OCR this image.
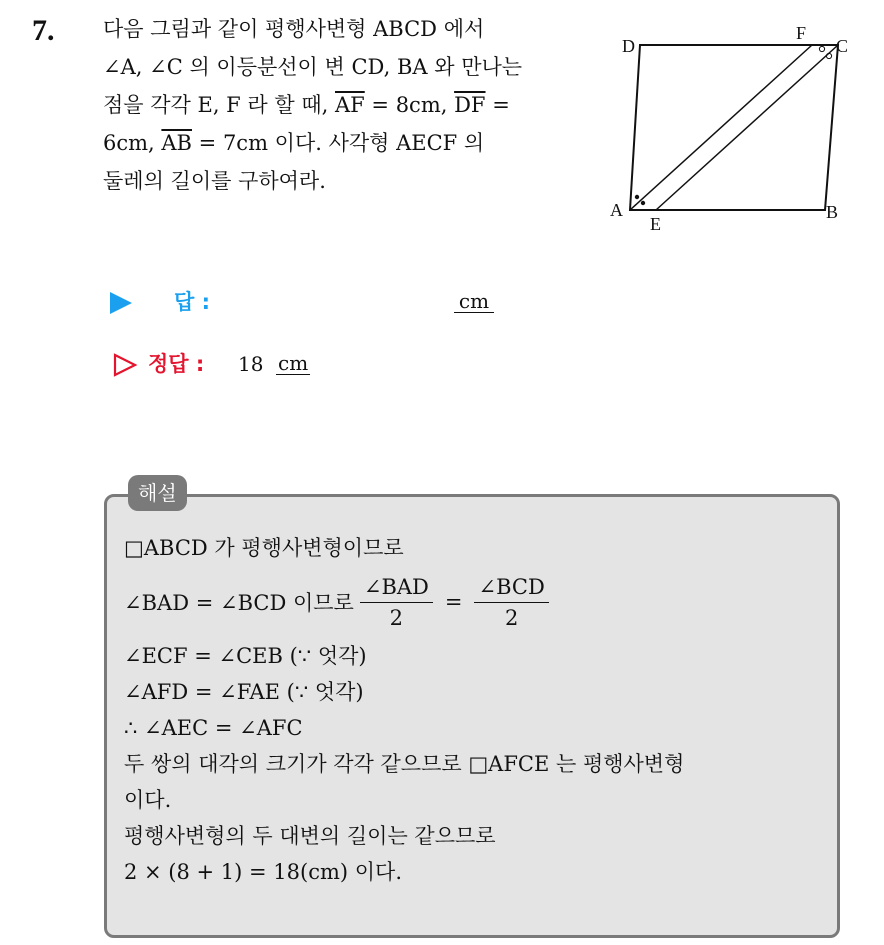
7. 다음 그림과 같이 평행사변형 ABCD 에서
∠A, ∠C 의 이등분선이 변 CD, BA 와 만나는
점을 각각 E, F 라 할 때, $\overline{AF} = 8cm$, $\overline{DF}$ =
6cm, $\overline{AB} = 7cm$ 이다. 사각형 AECF 의
둘레의 길이를 구하여라.
D
F
C
A
E
B
답 :	cm
정답 : 18 cm
해설
□ABCD 가 평행사변형이므로
∠BAD = ∠BCD 이므로 $\frac{\text{∠BAD}}{2} = \frac{\text{∠BCD}}{2}$
∠ECF = ∠CEB (∵ 엇각)
∠AFD = ∠FAE (∵ 엇각)
∴ ∠AEC = ∠AFC
두 쌍의 대각의 크기가 각각 같으므로 □AFCE 는 평행사변형
이다.
평행사변형의 두 대변의 길이는 같으므로
2 × (8 + 1) = 18(cm) 이다.
